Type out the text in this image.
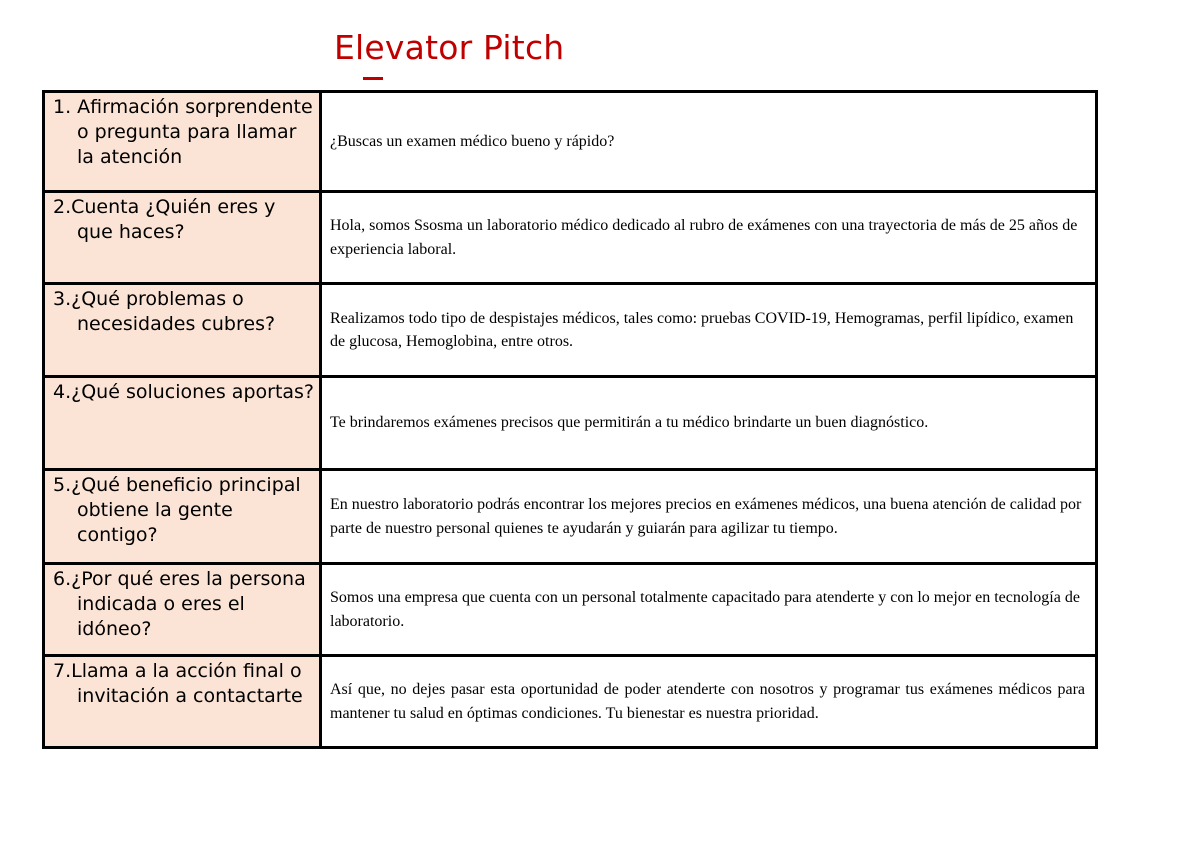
Elevator Pitch
1. Afirmación sorprendente o pregunta para llamar la atención	¿Buscas un examen médico bueno y rápido?

2.Cuenta ¿Quién eres y que haces?	Hola, somos Ssosma un laboratorio médico dedicado al rubro de exámenes con una trayectoria de más de 25 años de experiencia laboral.

3.¿Qué problemas o necesidades cubres?	Realizamos todo tipo de despistajes médicos, tales como: pruebas COVID-19, Hemogramas, perfil lipídico, examen de glucosa, Hemoglobina, entre otros.

4.¿Qué soluciones aportas?	Te brindaremos exámenes precisos que permitirán a tu médico brindarte un buen diagnóstico.

5.¿Qué beneficio principal obtiene la gente contigo?	En nuestro laboratorio podrás encontrar los mejores precios en exámenes médicos, una buena atención de calidad por parte de nuestro personal quienes te ayudarán y guiarán para agilizar tu tiempo.

6.¿Por qué eres la persona indicada o eres el idóneo?	Somos una empresa que cuenta con un personal totalmente capacitado para atenderte y con lo mejor en tecnología de laboratorio.

7.Llama a la acción final o invitación a contactarte	Así que, no dejes pasar esta oportunidad de poder atenderte con nosotros y programar tus exámenes médicos para mantener tu salud en óptimas condiciones. Tu bienestar es nuestra prioridad.
